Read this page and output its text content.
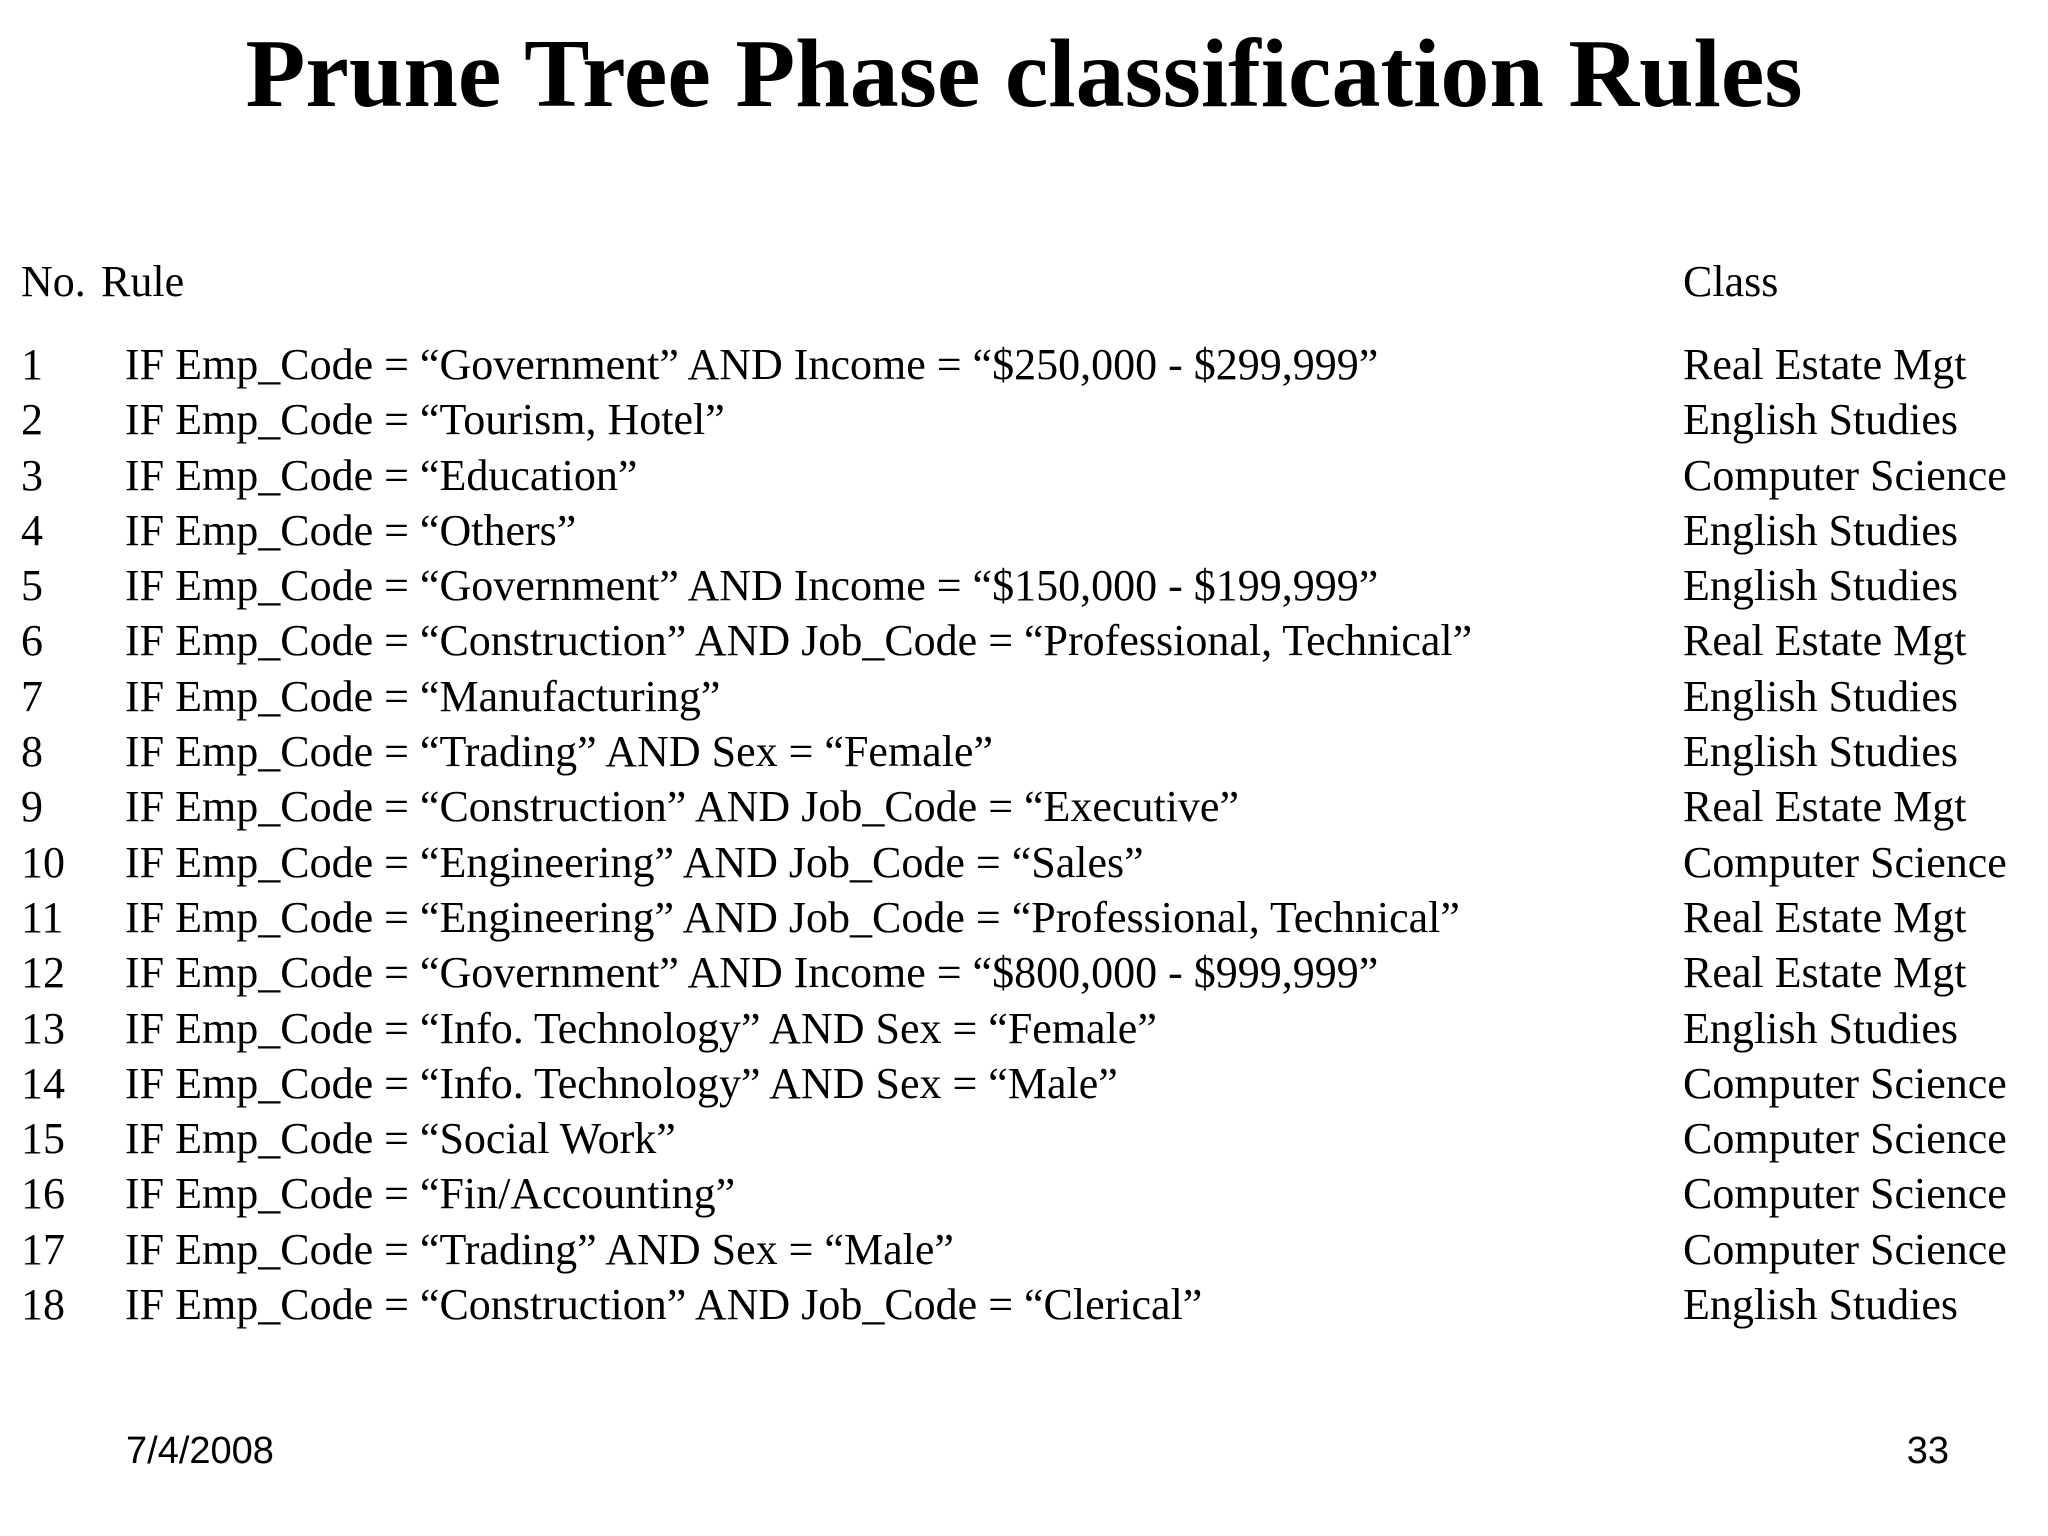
Prune Tree Phase classification Rules
No. Rule	Class
1 IF Emp_Code = “Government” AND Income = “$250,000 - $299,999”	Real Estate Mgt
2 IF Emp_Code = “Tourism, Hotel”	English Studies
3 IF Emp_Code = “Education”	Computer Science
4 IF Emp_Code = “Others”	English Studies
5 IF Emp_Code = “Government” AND Income = “$150,000 - $199,999”	English Studies
6 IF Emp_Code = “Construction” AND Job_Code = “Professional, Technical”	Real Estate Mgt
7 IF Emp_Code = “Manufacturing”	English Studies
8 IF Emp_Code = “Trading” AND Sex = “Female”	English Studies
9 IF Emp_Code = “Construction” AND Job_Code = “Executive”	Real Estate Mgt
10 IF Emp_Code = “Engineering” AND Job_Code = “Sales”	Computer Science
11 IF Emp_Code = “Engineering” AND Job_Code = “Professional, Technical”	Real Estate Mgt
12 IF Emp_Code = “Government” AND Income = “$800,000 - $999,999”	Real Estate Mgt
13 IF Emp_Code = “Info. Technology” AND Sex = “Female”	English Studies
14 IF Emp_Code = “Info. Technology” AND Sex = “Male”	Computer Science
15 IF Emp_Code = “Social Work”	Computer Science
16 IF Emp_Code = “Fin/Accounting”	Computer Science
17 IF Emp_Code = “Trading” AND Sex = “Male”	Computer Science
18 IF Emp_Code = “Construction” AND Job_Code = “Clerical”	English Studies
7/4/2008	33
